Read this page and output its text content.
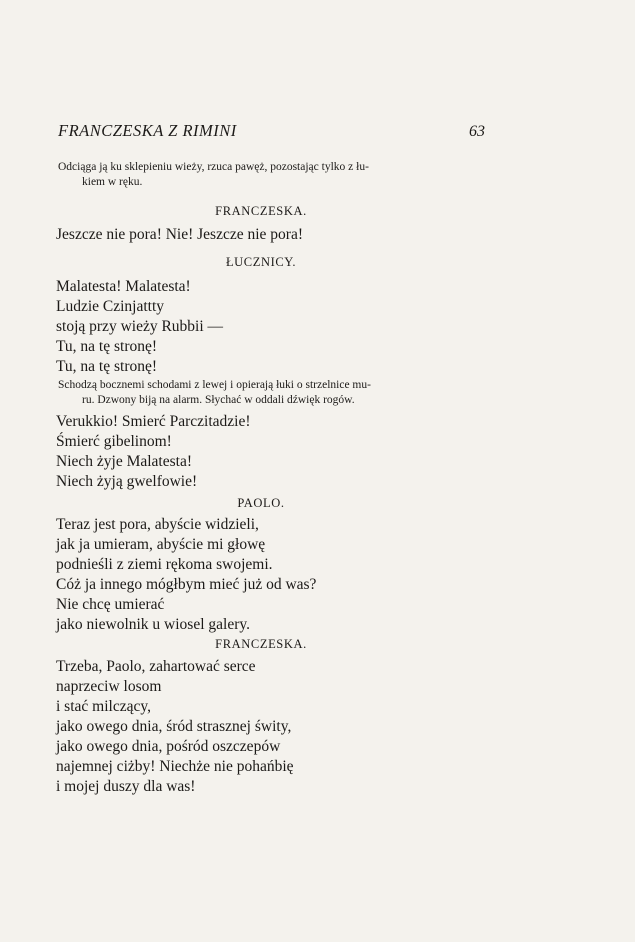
FRANCZESKA Z RIMINI	63
Odciąga ją ku sklepieniu wieży, rzuca pawęż, pozostając tylko z łu-
kiem w ręku.
FRANCZESKA.
Jeszcze nie pora! Nie! Jeszcze nie pora!
ŁUCZNICY.
Malatesta! Malatesta!
Ludzie Czinjattty
stoją przy wieży Rubbii —
Tu, na tę stronę!
Tu, na tę stronę!
Schodzą bocznemi schodami z lewej i opierają łuki o strzelnice mu-
ru. Dzwony biją na alarm. Słychać w oddali dźwięk rogów.
Verukkio! Smierć Parczitadzie!
Śmierć gibelinom!
Niech żyje Malatesta!
Niech żyją gwelfowie!
PAOLO.
Teraz jest pora, abyście widzieli,
jak ja umieram, abyście mi głowę
podnieśli z ziemi rękoma swojemi.
Cóż ja innego mógłbym mieć już od was?
Nie chcę umierać
jako niewolnik u wiosel galery.
FRANCZESKA.
Trzeba, Paolo, zahartować serce
naprzeciw losom
i stać milczący,
jako owego dnia, śród strasznej świty,
jako owego dnia, pośród oszczepów
najemnej ciżby! Niechże nie pohańbię
i mojej duszy dla was!
